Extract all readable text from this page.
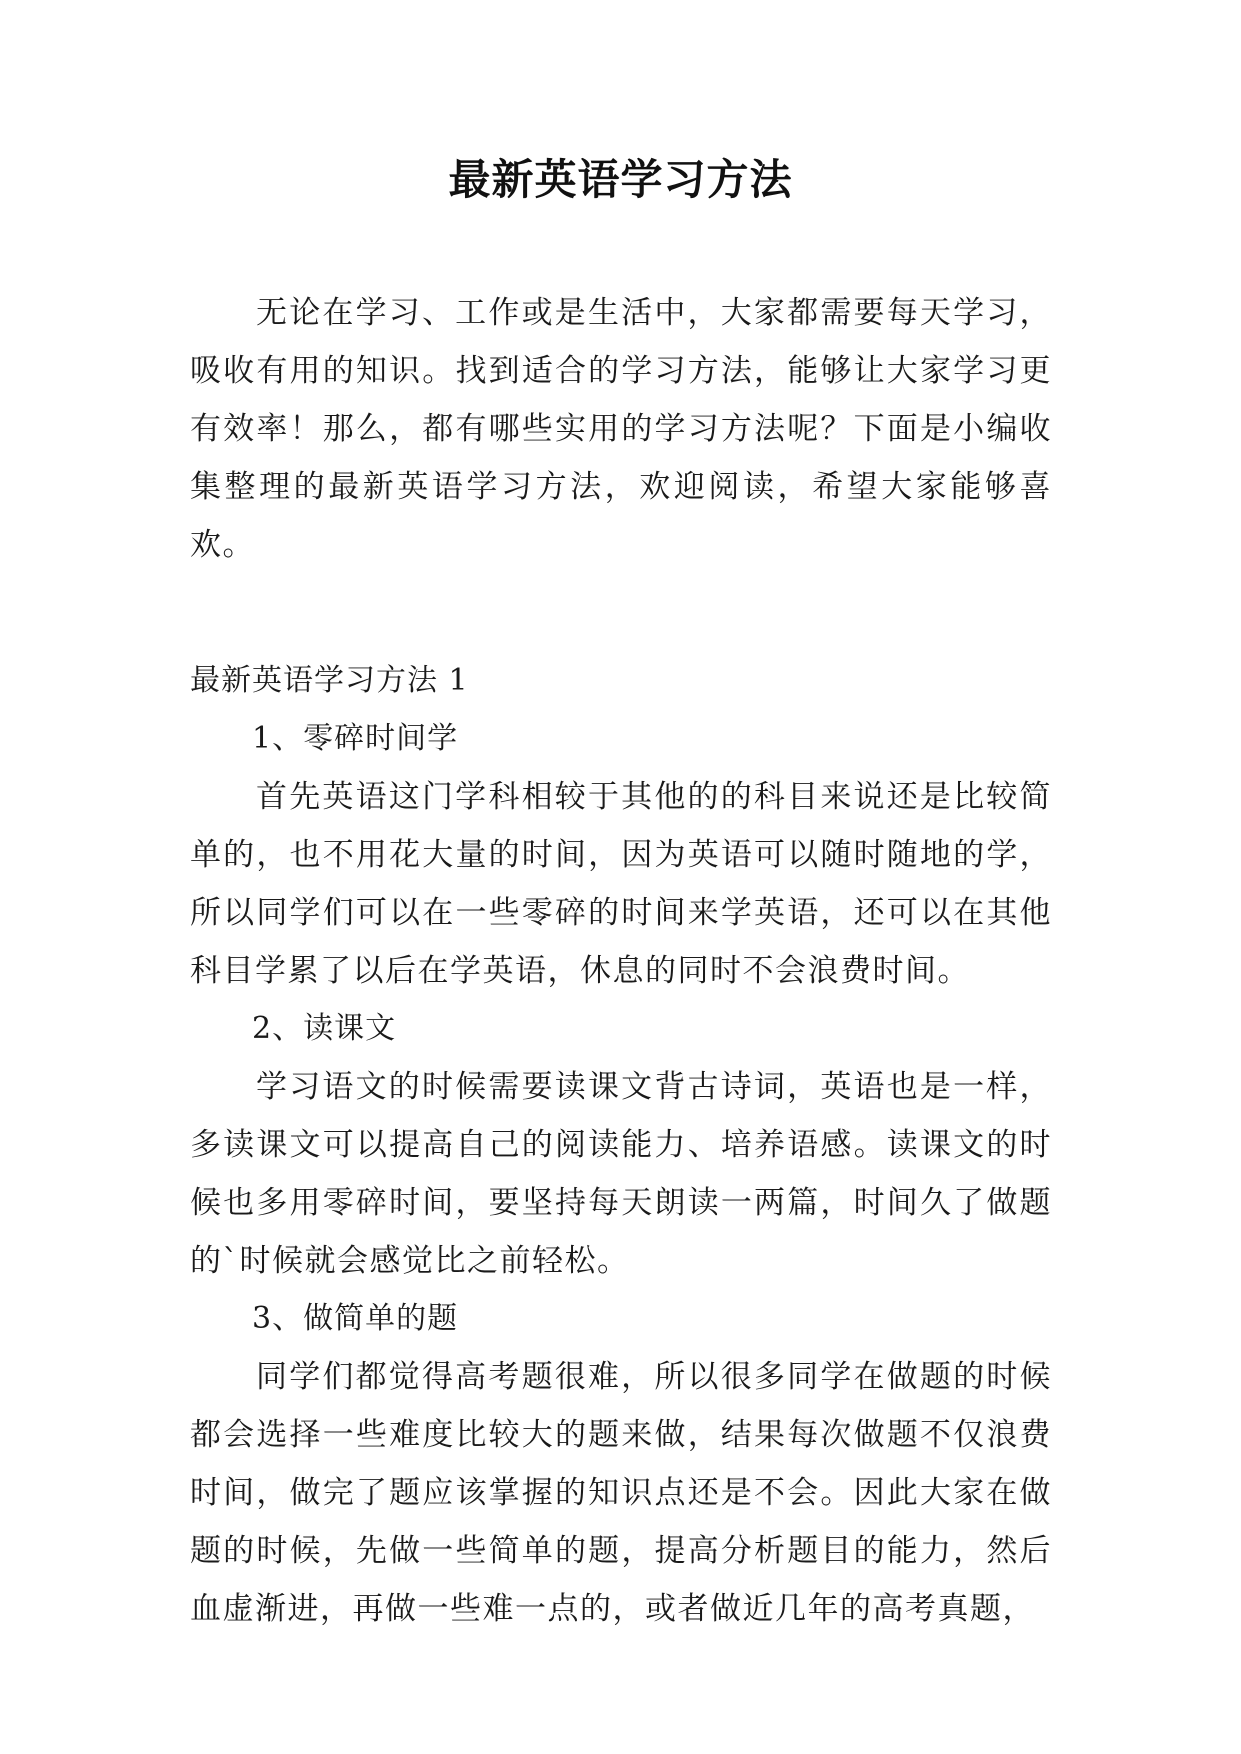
最新英语学习方法

无论在学习、工作或是生活中，大家都需要每天学习，吸收有用的知识。找到适合的学习方法，能够让大家学习更有效率！那么，都有哪些实用的学习方法呢？下面是小编收集整理的最新英语学习方法，欢迎阅读，希望大家能够喜欢。

最新英语学习方法 1

1、零碎时间学

首先英语这门学科相较于其他的的科目来说还是比较简单的，也不用花大量的时间，因为英语可以随时随地的学，所以同学们可以在一些零碎的时间来学英语，还可以在其他科目学累了以后在学英语，休息的同时不会浪费时间。

2、读课文

学习语文的时候需要读课文背古诗词，英语也是一样，多读课文可以提高自己的阅读能力、培养语感。读课文的时候也多用零碎时间，要坚持每天朗读一两篇，时间久了做题的`时候就会感觉比之前轻松。

3、做简单的题

同学们都觉得高考题很难，所以很多同学在做题的时候都会选择一些难度比较大的题来做，结果每次做题不仅浪费时间，做完了题应该掌握的知识点还是不会。因此大家在做题的时候，先做一些简单的题，提高分析题目的能力，然后血虚渐进，再做一些难一点的，或者做近几年的高考真题，
